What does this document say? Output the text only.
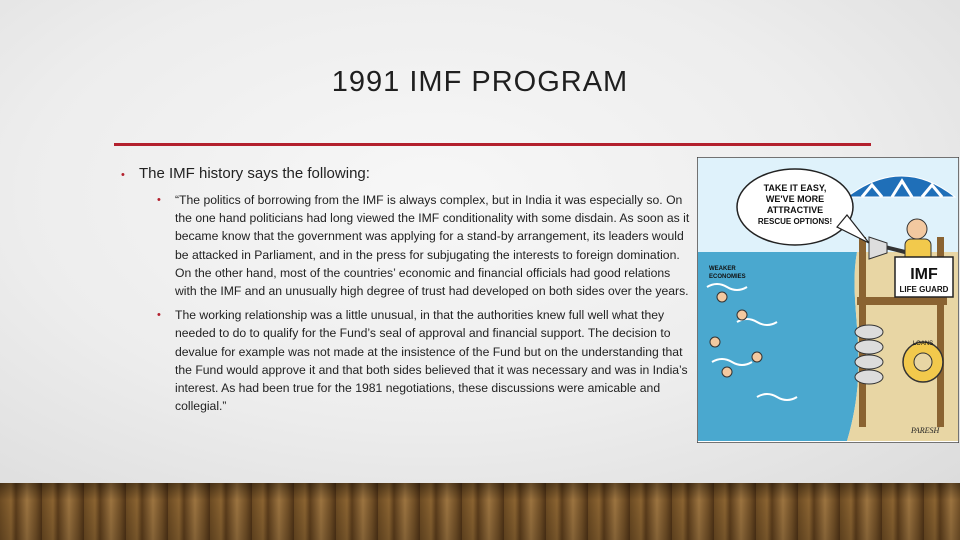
1991 IMF PROGRAM
• The IMF history says the following:
• “The politics of borrowing from the IMF is always complex, but in India it was especially so. On the one hand politicians had long viewed the IMF conditionality with some disdain. As soon as it became know that the government was applying for a stand-by arrangement, its leaders would be attacked in Parliament, and in the press for subjugating the interests to foreign domination. On the other hand, most of the countries’ economic and financial officials had good relations with the IMF and an unusually high degree of trust had developed on both sides over the years.
• The working relationship was a little unusual, in that the authorities knew full well what they needed to do to qualify for the Fund’s seal of approval and financial support. The decision to devalue for example was not made at the insistence of the Fund but on the understanding that the Fund would approve it and that both sides believed that it was necessary and was in India’s interest. As had been true for the 1981 negotiations, these discussions were amicable and collegial.”
IMF
LIFE GUARD
LOANS
TAKE IT EASY,
WE'VE MORE
ATTRACTIVE
RESCUE OPTIONS!
WEAKER
ECONOMIES
PARESH
